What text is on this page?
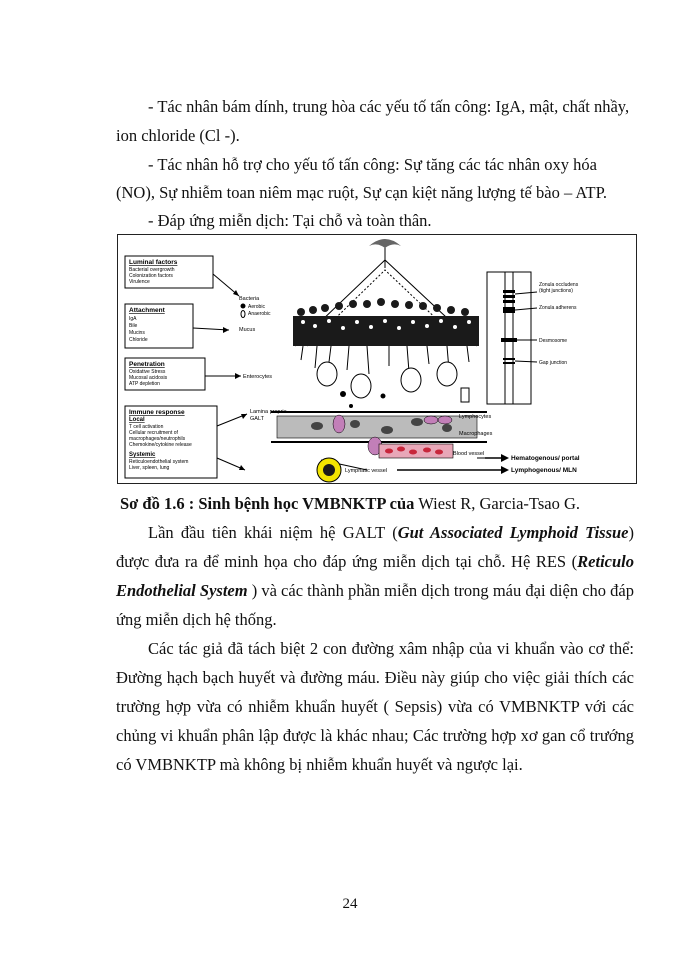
- Tác nhân bám dính, trung hòa các yếu tố tấn công: IgA, mật, chất nhầy,
ion chloride (Cl -).
- Tác nhân hỗ trợ cho yếu tố tấn công: Sự tăng các tác nhân oxy hóa
(NO), Sự nhiễm toan niêm mạc ruột, Sự cạn kiệt năng lượng tế bào – ATP.
- Đáp ứng miễn dịch: Tại chỗ và toàn thân.
Luminal factors
Bacterial overgrowth
Colonization factors
Virulence
Attachment
IgA
Bile
Mucins
Chloride
Penetration
Oxidative Stress
Mucosal acidosis
ATP depletion
Immune response
Local
T cell activation
Cellular recruitment of
macrophages/neutrophils
Chemokine/cytokine release
Systemic
Reticuloendothelial system
Liver, spleen, lung
Bacteria
Aerobic
Anaerobic
Mucus
Enterocytes
Lamina propria
GALT	Lymphocytes
Macrophages
Blood vessel
Hematogenous/ portal
Lymphatic vessel	Lymphogenous/ MLN
Zonula occludens
(tight junctions)
Zonula adherens
Desmosome
Gap junction
Sơ đồ 1.6 : Sinh bệnh học VMBNKTP của Wiest R, Garcia-Tsao G.
Lần đầu tiên khái niệm hệ GALT (Gut Associated Lymphoid Tissue)
được đưa ra để minh họa cho đáp ứng miễn dịch tại chỗ. Hệ RES (Reticulo
Endothelial System ) và các thành phần miễn dịch trong máu đại diện cho đáp
ứng miễn dịch hệ thống.
Các tác giả đã tách biệt 2 con đường xâm nhập của vi khuẩn vào cơ thể:
Đường hạch bạch huyết và đường máu. Điều này giúp cho việc giải thích các
trường hợp vừa có nhiễm khuẩn huyết ( Sepsis) vừa có VMBNKTP với các
chủng vi khuẩn phân lập được là khác nhau; Các trường hợp xơ gan cổ trướng
có VMBNKTP mà không bị nhiễm khuẩn huyết và ngược lại.
24
